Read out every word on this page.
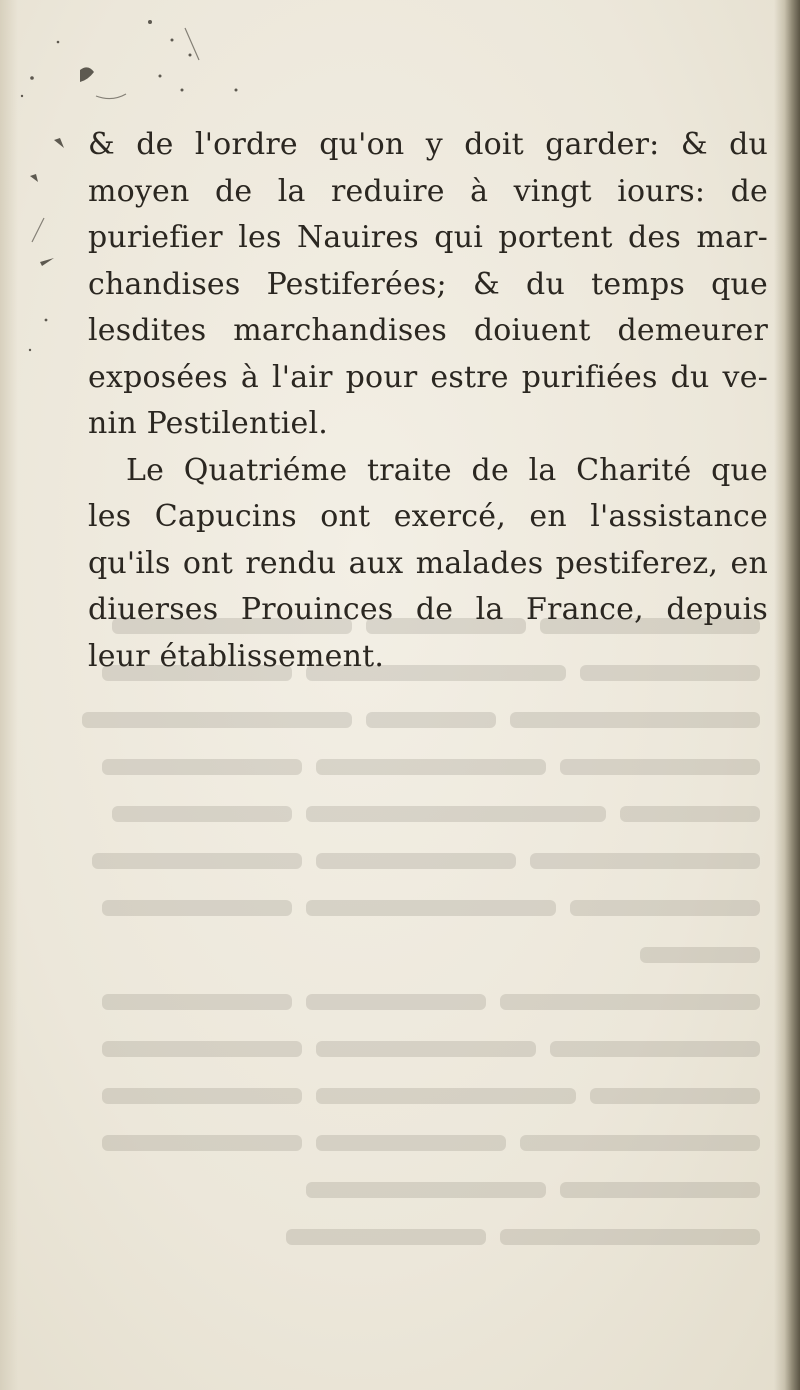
& de l'ordre qu'on y doit garder: & du
moyen de la reduire à vingt iours: de
puriefier les Nauires qui portent des mar-
chandises Pestiferées; & du temps que
lesdites marchandises doiuent demeurer
exposées à l'air pour estre purifiées du ve-
nin Pestilentiel.
Le Quatriéme traite de la Charité que
les Capucins ont exercé, en l'assistance
qu'ils ont rendu aux malades pestiferez, en
diuerses Prouinces de la France, depuis
leur établissement.
